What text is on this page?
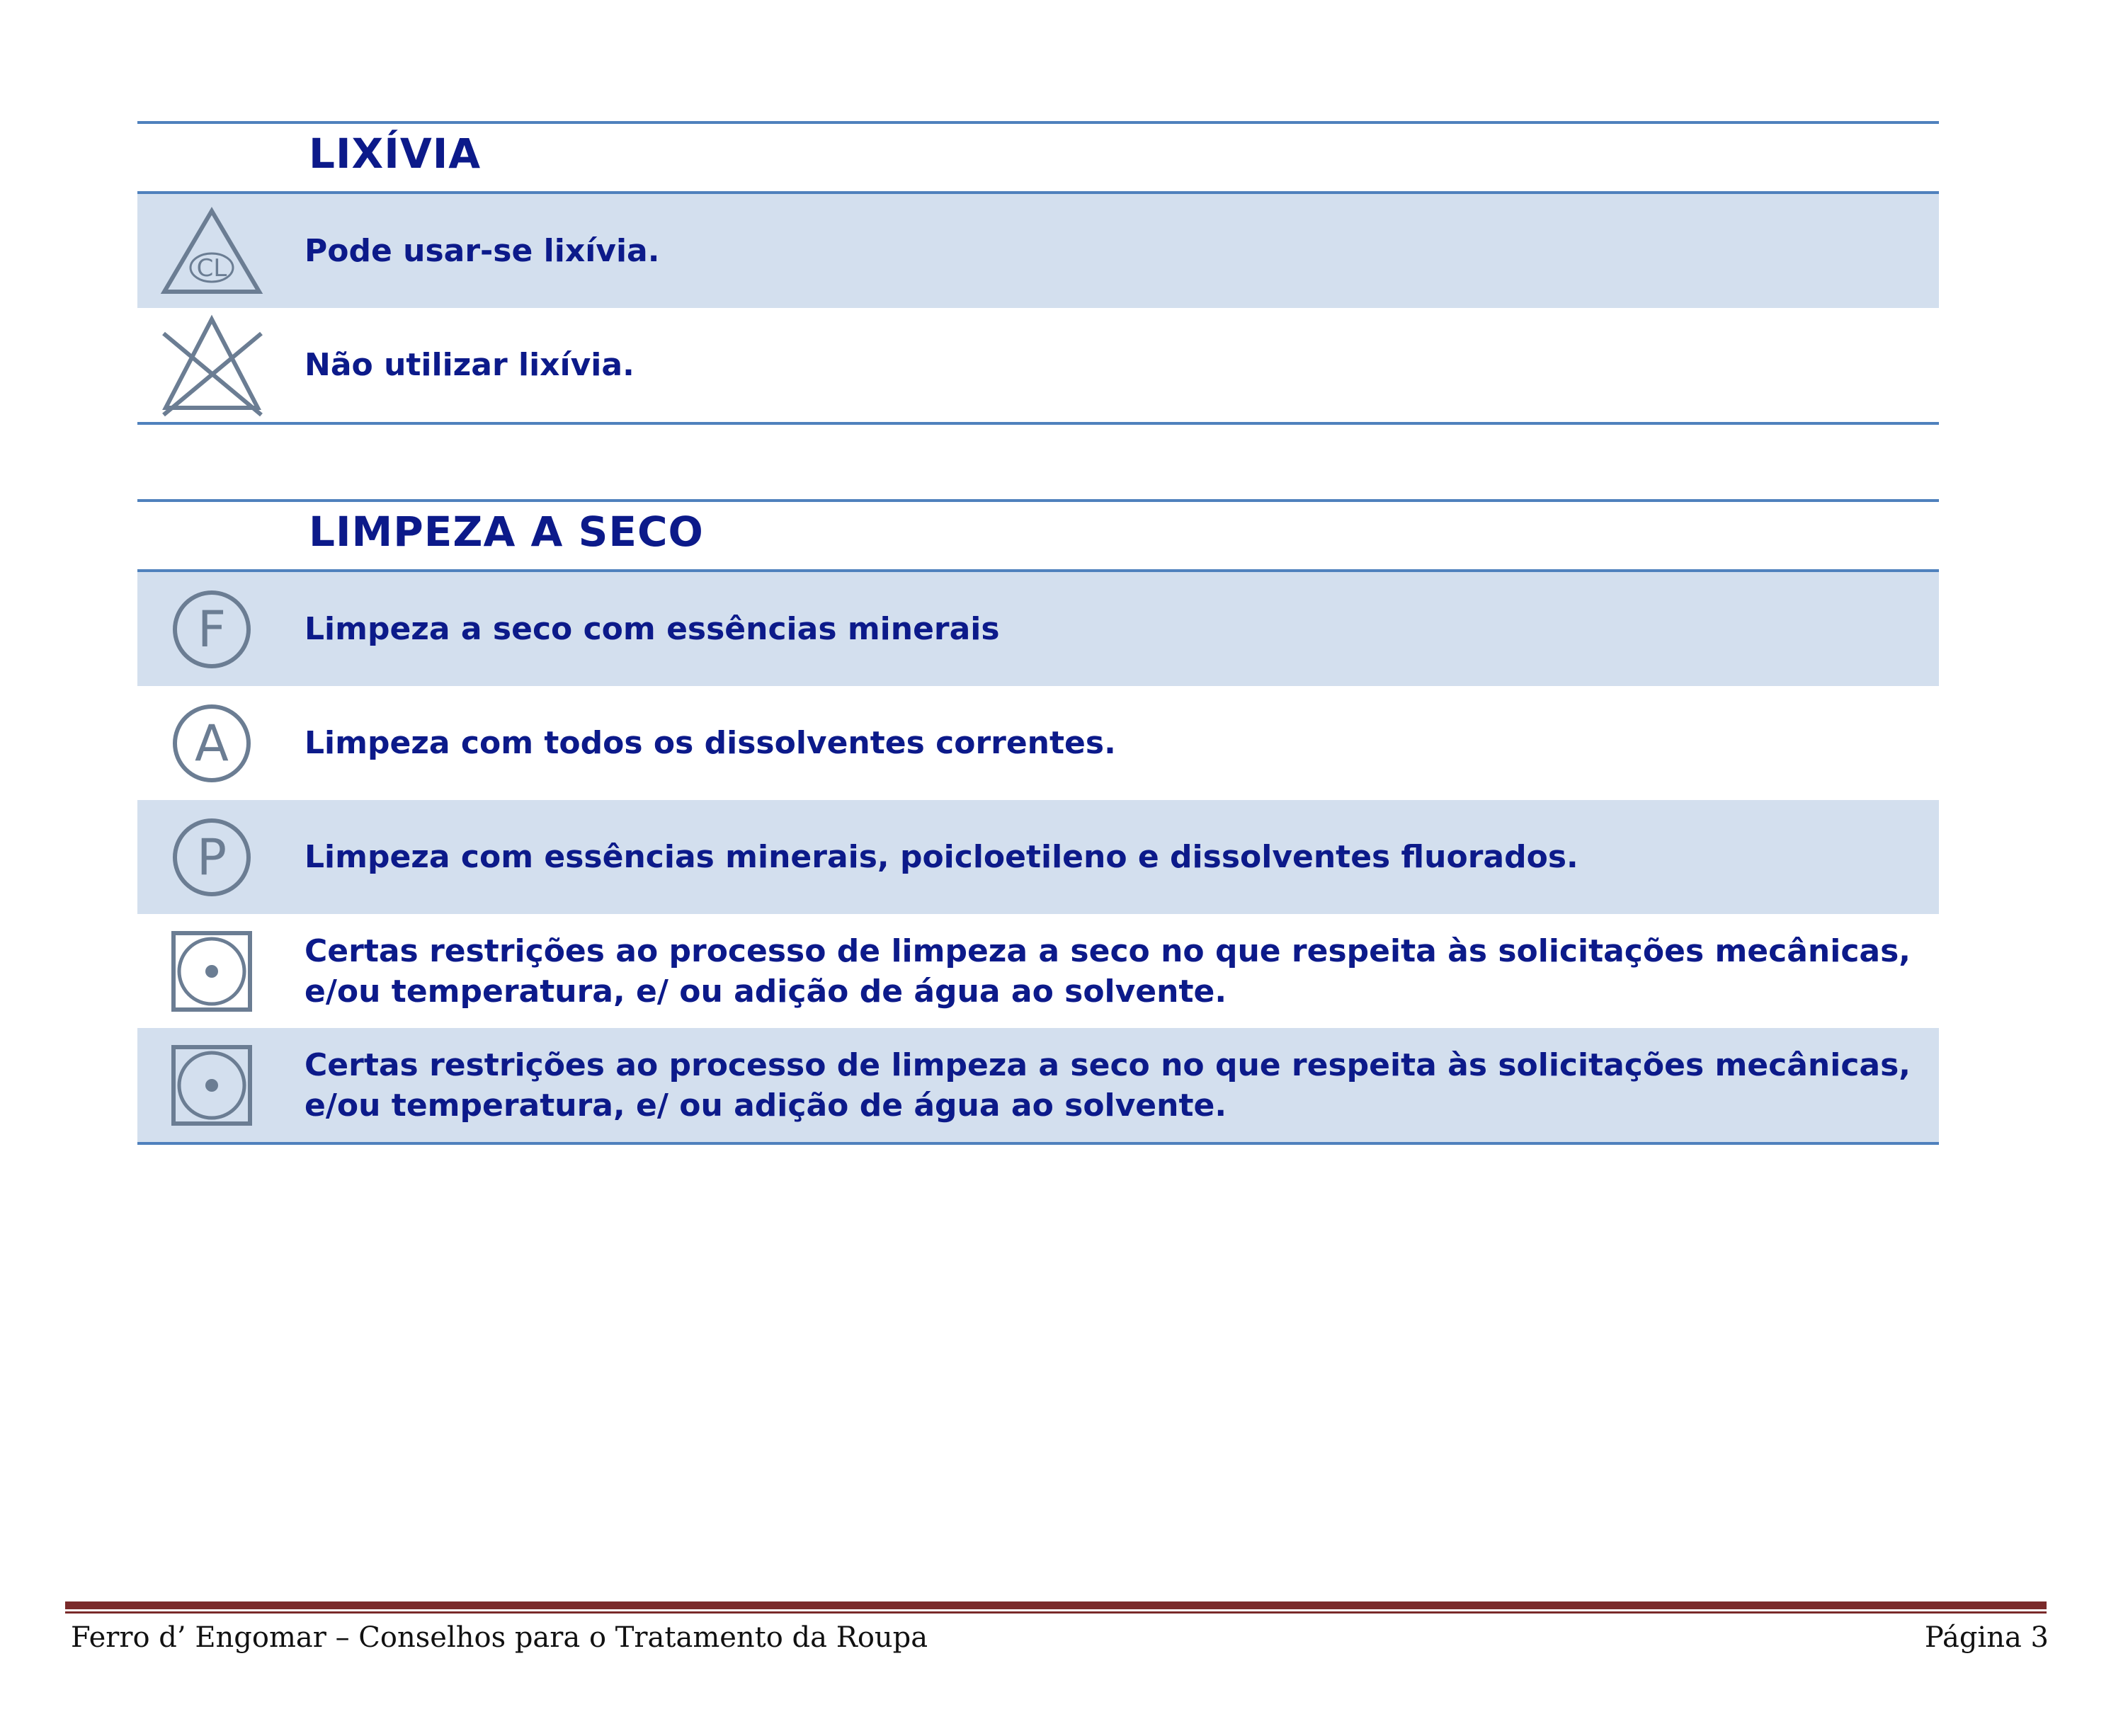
LIXÍVIA
CL Pode usar-se lixívia.
Não utilizar lixívia.
LIMPEZA A SECO
F	Limpeza a seco com essências minerais
A Limpeza com todos os dissolventes correntes.
P Limpeza com essências minerais, poicloetileno e dissolventes fluorados.
Certas restrições ao processo de limpeza a seco no que respeita às solicitações mecânicas, e/ou temperatura, e/ ou adição de água ao solvente.
Certas restrições ao processo de limpeza a seco no que respeita às solicitações mecânicas, e/ou temperatura, e/ ou adição de água ao solvente.
Ferro d’ Engomar – Conselhos para o Tratamento da Roupa	Página 3
